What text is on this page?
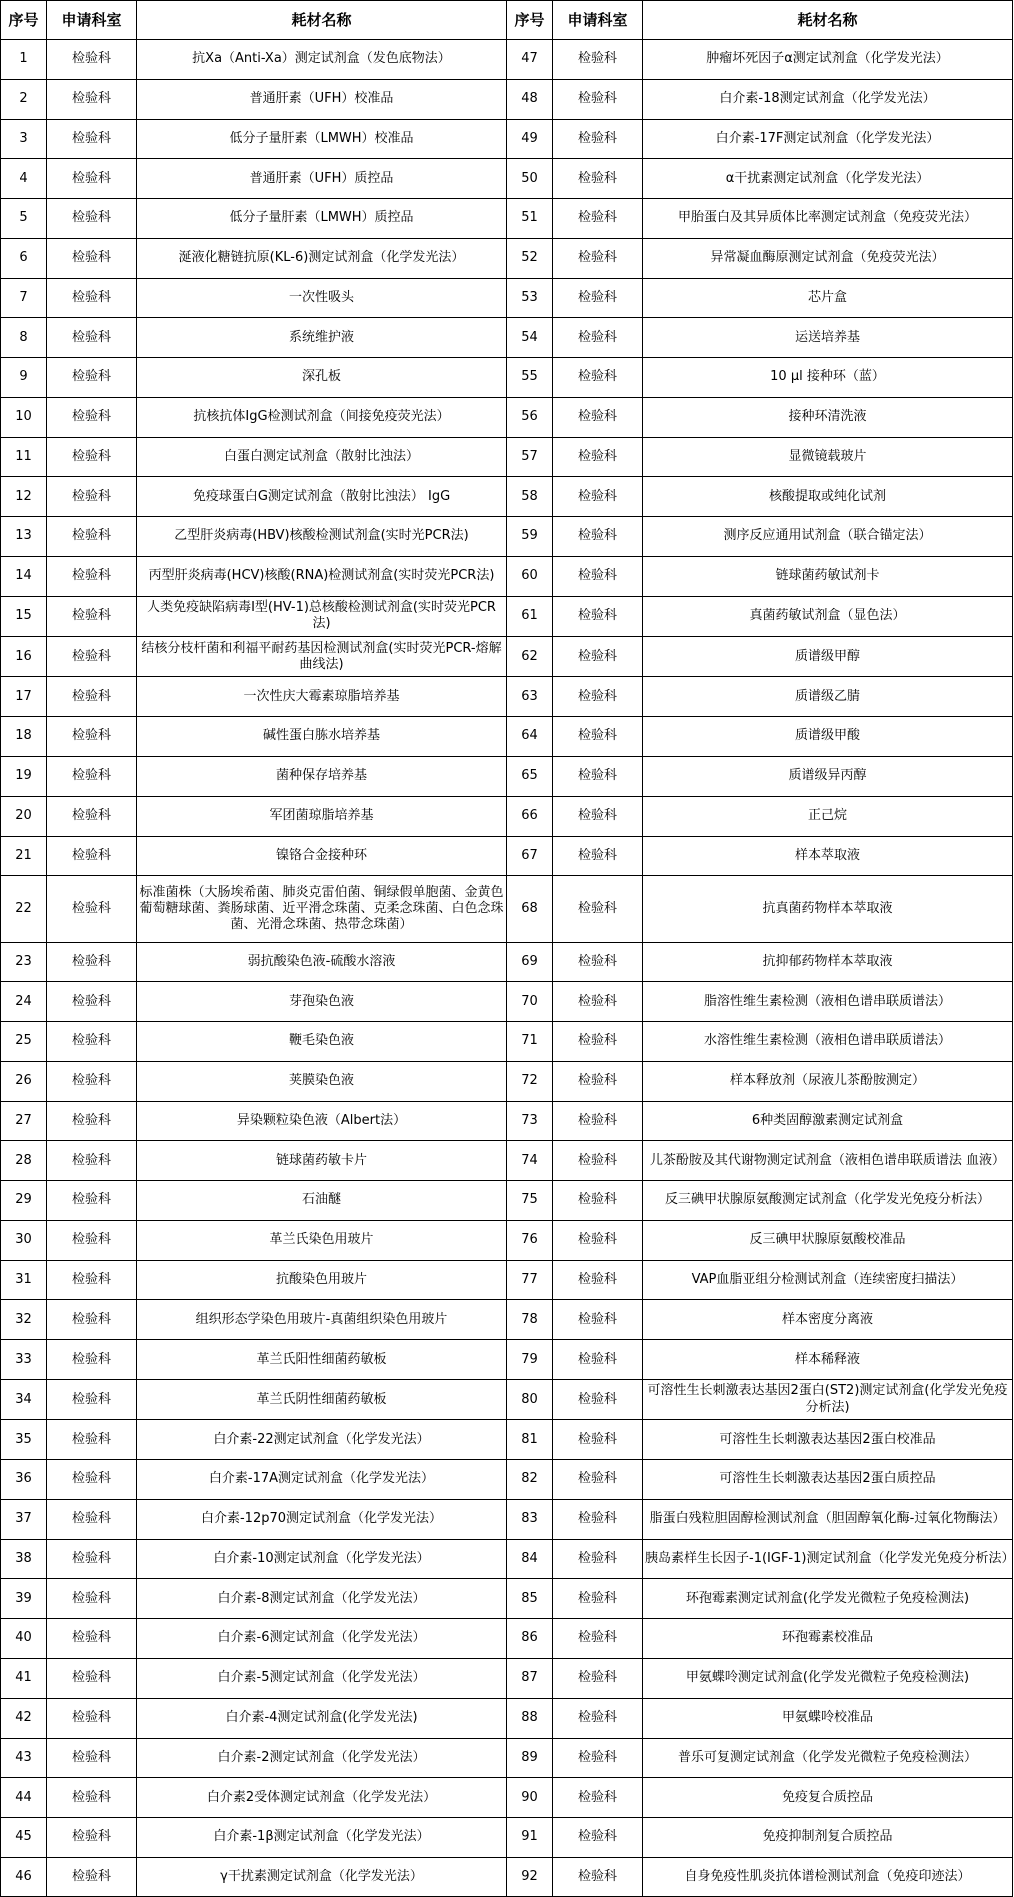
序号	申请科室	耗材名称	序号	申请科室	耗材名称
1	检验科	抗Xa（Anti-Xa）测定试剂盒（发色底物法）	47	检验科	肿瘤坏死因子α测定试剂盒（化学发光法）
2	检验科	普通肝素（UFH）校准品	48	检验科	白介素-18测定试剂盒（化学发光法）
3	检验科	低分子量肝素（LMWH）校准品	49	检验科	白介素-17F测定试剂盒（化学发光法）
4	检验科	普通肝素（UFH）质控品	50	检验科	α干扰素测定试剂盒（化学发光法）
5	检验科	低分子量肝素（LMWH）质控品	51	检验科	甲胎蛋白及其异质体比率测定试剂盒（免疫荧光法）
6	检验科	涎液化糖链抗原(KL-6)测定试剂盒（化学发光法）	52	检验科	异常凝血酶原测定试剂盒（免疫荧光法）
7	检验科	一次性吸头	53	检验科	芯片盒
8	检验科	系统维护液	54	检验科	运送培养基
9	检验科	深孔板	55	检验科	10 μl 接种环（蓝）
10	检验科	抗核抗体IgG检测试剂盒（间接免疫荧光法）	56	检验科	接种环清洗液
11	检验科	白蛋白测定试剂盒（散射比浊法）	57	检验科	显微镜载玻片
12	检验科	免疫球蛋白G测定试剂盒（散射比浊法） IgG	58	检验科	核酸提取或纯化试剂
13	检验科	乙型肝炎病毒(HBV)核酸检测试剂盒(实时光PCR法)	59	检验科	测序反应通用试剂盒（联合锚定法）
14	检验科	丙型肝炎病毒(HCV)核酸(RNA)检测试剂盒(实时荧光PCR法)	60	检验科	链球菌药敏试剂卡
15	检验科	人类免疫缺陷病毒I型(HV-1)总核酸检测试剂盒(实时荧光PCR法)	61	检验科	真菌药敏试剂盒（显色法）
16	检验科	结核分枝杆菌和利福平耐药基因检测试剂盒(实时荧光PCR-熔解曲线法)	62	检验科	质谱级甲醇
17	检验科	一次性庆大霉素琼脂培养基	63	检验科	质谱级乙腈
18	检验科	碱性蛋白胨水培养基	64	检验科	质谱级甲酸
19	检验科	菌种保存培养基	65	检验科	质谱级异丙醇
20	检验科	军团菌琼脂培养基	66	检验科	正己烷
21	检验科	镍铬合金接种环	67	检验科	样本萃取液
22	检验科	标准菌株（大肠埃希菌、肺炎克雷伯菌、铜绿假单胞菌、金黄色葡萄糖球菌、粪肠球菌、近平滑念珠菌、克柔念珠菌、白色念珠菌、光滑念珠菌、热带念珠菌）	68	检验科	抗真菌药物样本萃取液
23	检验科	弱抗酸染色液-硫酸水溶液	69	检验科	抗抑郁药物样本萃取液
24	检验科	芽孢染色液	70	检验科	脂溶性维生素检测（液相色谱串联质谱法）
25	检验科	鞭毛染色液	71	检验科	水溶性维生素检测（液相色谱串联质谱法）
26	检验科	荚膜染色液	72	检验科	样本释放剂（尿液儿茶酚胺测定）
27	检验科	异染颗粒染色液（Albert法）	73	检验科	6种类固醇激素测定试剂盒
28	检验科	链球菌药敏卡片	74	检验科	儿茶酚胺及其代谢物测定试剂盒（液相色谱串联质谱法 血液）
29	检验科	石油醚	75	检验科	反三碘甲状腺原氨酸测定试剂盒（化学发光免疫分析法）
30	检验科	革兰氏染色用玻片	76	检验科	反三碘甲状腺原氨酸校准品
31	检验科	抗酸染色用玻片	77	检验科	VAP血脂亚组分检测试剂盒（连续密度扫描法）
32	检验科	组织形态学染色用玻片-真菌组织染色用玻片	78	检验科	样本密度分离液
33	检验科	革兰氏阳性细菌药敏板	79	检验科	样本稀释液
34	检验科	革兰氏阴性细菌药敏板	80	检验科	可溶性生长刺激表达基因2蛋白(ST2)测定试剂盒(化学发光免疫分析法)
35	检验科	白介素-22测定试剂盒（化学发光法）	81	检验科	可溶性生长刺激表达基因2蛋白校准品
36	检验科	白介素-17A测定试剂盒（化学发光法）	82	检验科	可溶性生长刺激表达基因2蛋白质控品
37	检验科	白介素-12p70测定试剂盒（化学发光法）	83	检验科	脂蛋白残粒胆固醇检测试剂盒（胆固醇氧化酶-过氧化物酶法）
38	检验科	白介素-10测定试剂盒（化学发光法）	84	检验科	胰岛素样生长因子-1(IGF-1)测定试剂盒（化学发光免疫分析法）
39	检验科	白介素-8测定试剂盒（化学发光法）	85	检验科	环孢霉素测定试剂盒(化学发光微粒子免疫检测法)
40	检验科	白介素-6测定试剂盒（化学发光法）	86	检验科	环孢霉素校准品
41	检验科	白介素-5测定试剂盒（化学发光法）	87	检验科	甲氨蝶呤测定试剂盒(化学发光微粒子免疫检测法)
42	检验科	白介素-4测定试剂盒(化学发光法)	88	检验科	甲氨蝶呤校准品
43	检验科	白介素-2测定试剂盒（化学发光法）	89	检验科	普乐可复测定试剂盒（化学发光微粒子免疫检测法）
44	检验科	白介素2受体测定试剂盒（化学发光法）	90	检验科	免疫复合质控品
45	检验科	白介素-1β测定试剂盒（化学发光法）	91	检验科	免疫抑制剂复合质控品
46	检验科	γ干扰素测定试剂盒（化学发光法）	92	检验科	自身免疫性肌炎抗体谱检测试剂盒（免疫印迹法）
